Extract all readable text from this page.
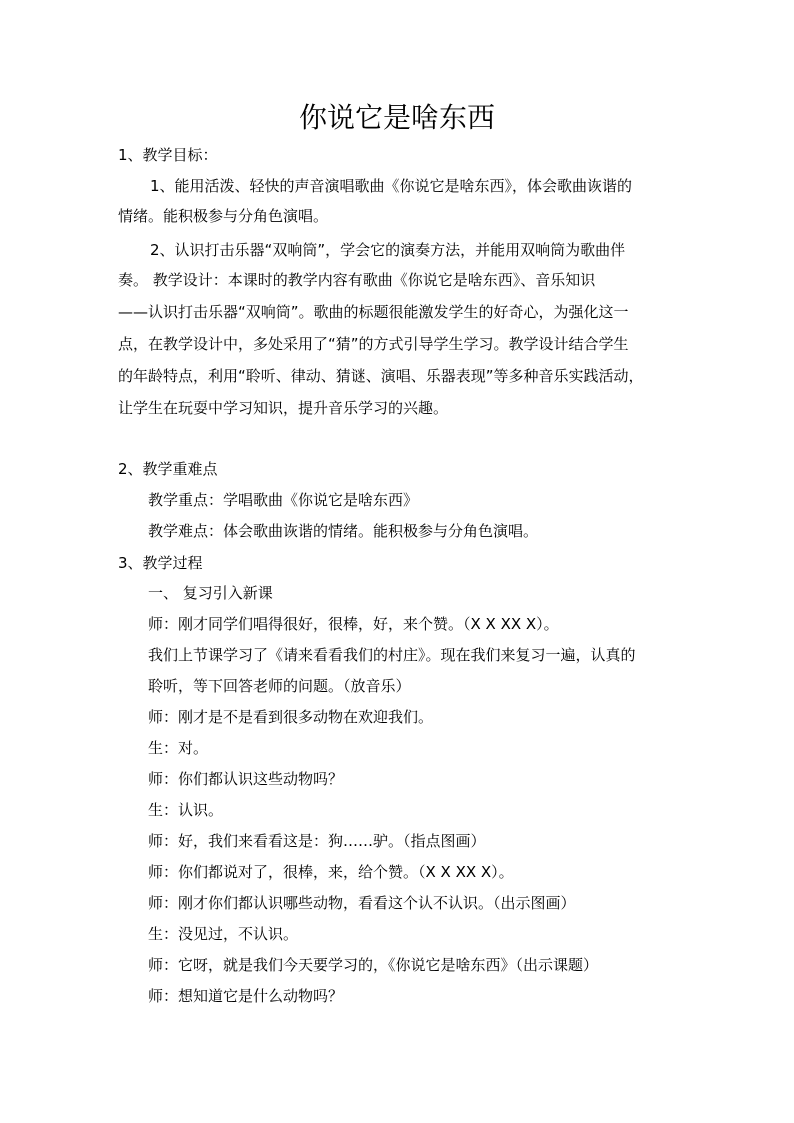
你说它是啥东西
1、教学目标：
1、能用活泼、轻快的声音演唱歌曲《你说它是啥东西》，体会歌曲诙谐的
情绪。能积极参与分角色演唱。
2、认识打击乐器“双响筒”，学会它的演奏方法，并能用双响筒为歌曲伴
奏。 教学设计：本课时的教学内容有歌曲《你说它是啥东西》、音乐知识
——认识打击乐器“双响筒”。歌曲的标题很能激发学生的好奇心，为强化这一
点，在教学设计中，多处采用了“猜”的方式引导学生学习。教学设计结合学生
的年龄特点，利用“聆听、律动、猜谜、演唱、乐器表现”等多种音乐实践活动，
让学生在玩耍中学习知识，提升音乐学习的兴趣。
2、教学重难点
教学重点：学唱歌曲《你说它是啥东西》
教学难点：体会歌曲诙谐的情绪。能积极参与分角色演唱。
3、教学过程
一、 复习引入新课
师：刚才同学们唱得很好，很棒，好，来个赞。（X X XX X）。
我们上节课学习了《请来看看我们的村庄》。现在我们来复习一遍，认真的
聆听，等下回答老师的问题。（放音乐）
师：刚才是不是看到很多动物在欢迎我们。
生：对。
师：你们都认识这些动物吗？
生：认识。
师：好，我们来看看这是：狗……驴。（指点图画）
师：你们都说对了，很棒，来，给个赞。（X X XX X）。
师：刚才你们都认识哪些动物，看看这个认不认识。（出示图画）
生：没见过，不认识。
师：它呀，就是我们今天要学习的，《你说它是啥东西》（出示课题）
师：想知道它是什么动物吗？
